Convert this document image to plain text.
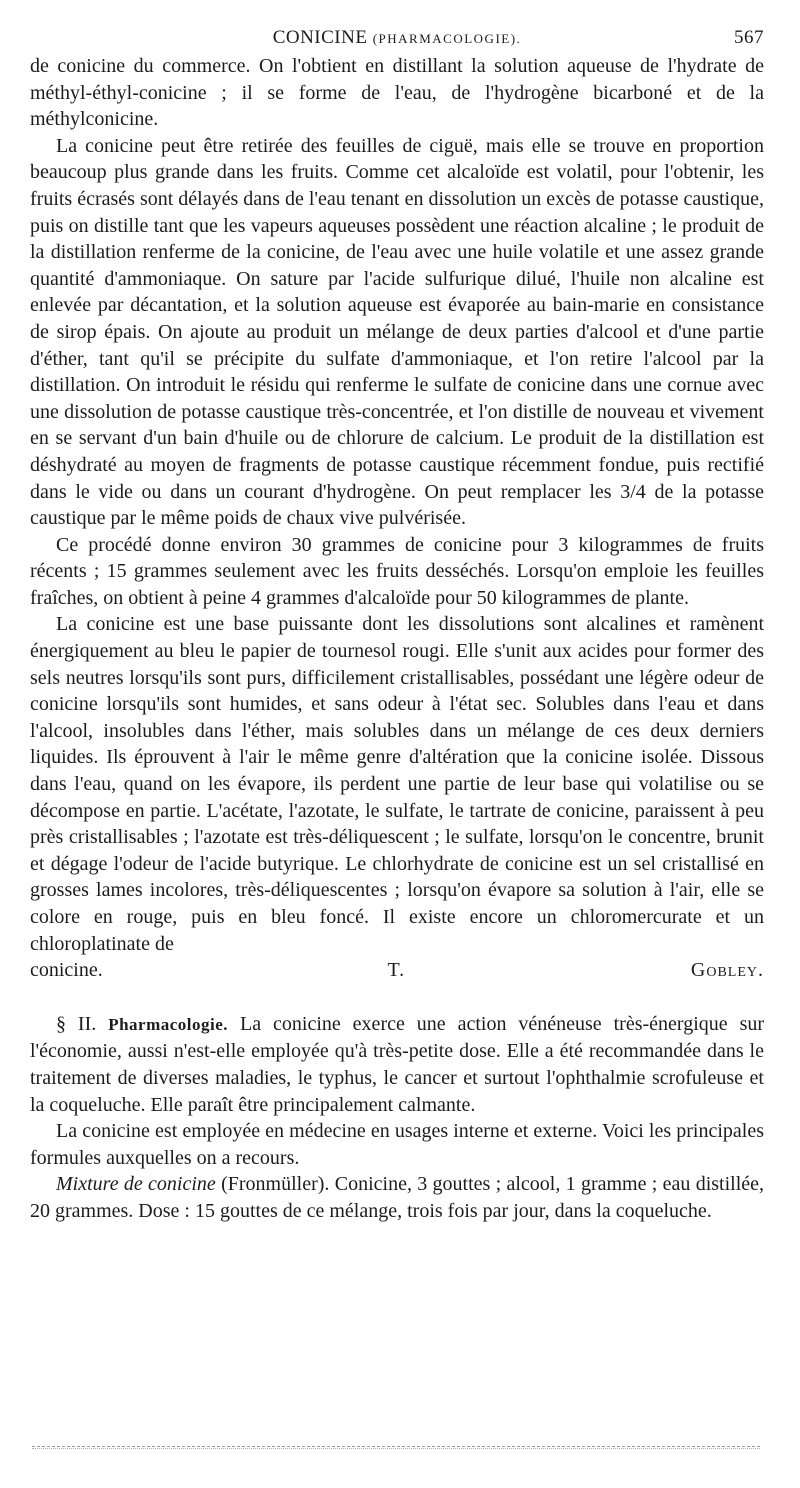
CONICINE (PHARMACOLOGIE).	567

de conicine du commerce. On l'obtient en distillant la solution aqueuse de l'hydrate de méthyl-éthyl-conicine ; il se forme de l'eau, de l'hydrogène bicarboné et de la méthylconicine.

La conicine peut être retirée des feuilles de ciguë, mais elle se trouve en proportion beaucoup plus grande dans les fruits. Comme cet alcaloïde est volatil, pour l'obtenir, les fruits écrasés sont délayés dans de l'eau tenant en dissolution un excès de potasse caustique, puis on distille tant que les vapeurs aqueuses possèdent une réaction alcaline ; le produit de la distillation renferme de la conicine, de l'eau avec une huile volatile et une assez grande quantité d'ammoniaque. On sature par l'acide sulfurique dilué, l'huile non alcaline est enlevée par décantation, et la solution aqueuse est évaporée au bain-marie en consistance de sirop épais. On ajoute au produit un mélange de deux parties d'alcool et d'une partie d'éther, tant qu'il se précipite du sulfate d'ammoniaque, et l'on retire l'alcool par la distillation. On introduit le résidu qui renferme le sulfate de conicine dans une cornue avec une dissolution de potasse caustique très-concentrée, et l'on distille de nouveau et vivement en se servant d'un bain d'huile ou de chlorure de calcium. Le produit de la distillation est déshydraté au moyen de fragments de potasse caustique récemment fondue, puis rectifié dans le vide ou dans un courant d'hydrogène. On peut remplacer les 3/4 de la potasse caustique par le même poids de chaux vive pulvérisée.

Ce procédé donne environ 30 grammes de conicine pour 3 kilogrammes de fruits récents ; 15 grammes seulement avec les fruits desséchés. Lorsqu'on emploie les feuilles fraîches, on obtient à peine 4 grammes d'alcaloïde pour 50 kilogrammes de plante.

La conicine est une base puissante dont les dissolutions sont alcalines et ramènent énergiquement au bleu le papier de tournesol rougi. Elle s'unit aux acides pour former des sels neutres lorsqu'ils sont purs, difficilement cristallisables, possédant une légère odeur de conicine lorsqu'ils sont humides, et sans odeur à l'état sec. Solubles dans l'eau et dans l'alcool, insolubles dans l'éther, mais solubles dans un mélange de ces deux derniers liquides. Ils éprouvent à l'air le même genre d'altération que la conicine isolée. Dissous dans l'eau, quand on les évapore, ils perdent une partie de leur base qui volatilise ou se décompose en partie. L'acétate, l'azotate, le sulfate, le tartrate de conicine, paraissent à peu près cristallisables ; l'azotate est très-déliquescent ; le sulfate, lorsqu'on le concentre, brunit et dégage l'odeur de l'acide butyrique. Le chlorhydrate de conicine est un sel cristallisé en grosses lames incolores, très-déliquescentes ; lorsqu'on évapore sa solution à l'air, elle se colore en rouge, puis en bleu foncé. Il existe encore un chloromercurate et un chloroplatinate de

conicine.	T. Gobley.

§ II. Pharmacologie. La conicine exerce une action vénéneuse très-énergique sur l'économie, aussi n'est-elle employée qu'à très-petite dose. Elle a été recommandée dans le traitement de diverses maladies, le typhus, le cancer et surtout l'ophthalmie scrofuleuse et la coqueluche. Elle paraît être principalement calmante.

La conicine est employée en médecine en usages interne et externe. Voici les principales formules auxquelles on a recours.

Mixture de conicine (Fronmüller). Conicine, 3 gouttes ; alcool, 1 gramme ; eau distillée, 20 grammes. Dose : 15 gouttes de ce mélange, trois fois par jour, dans la coqueluche.
